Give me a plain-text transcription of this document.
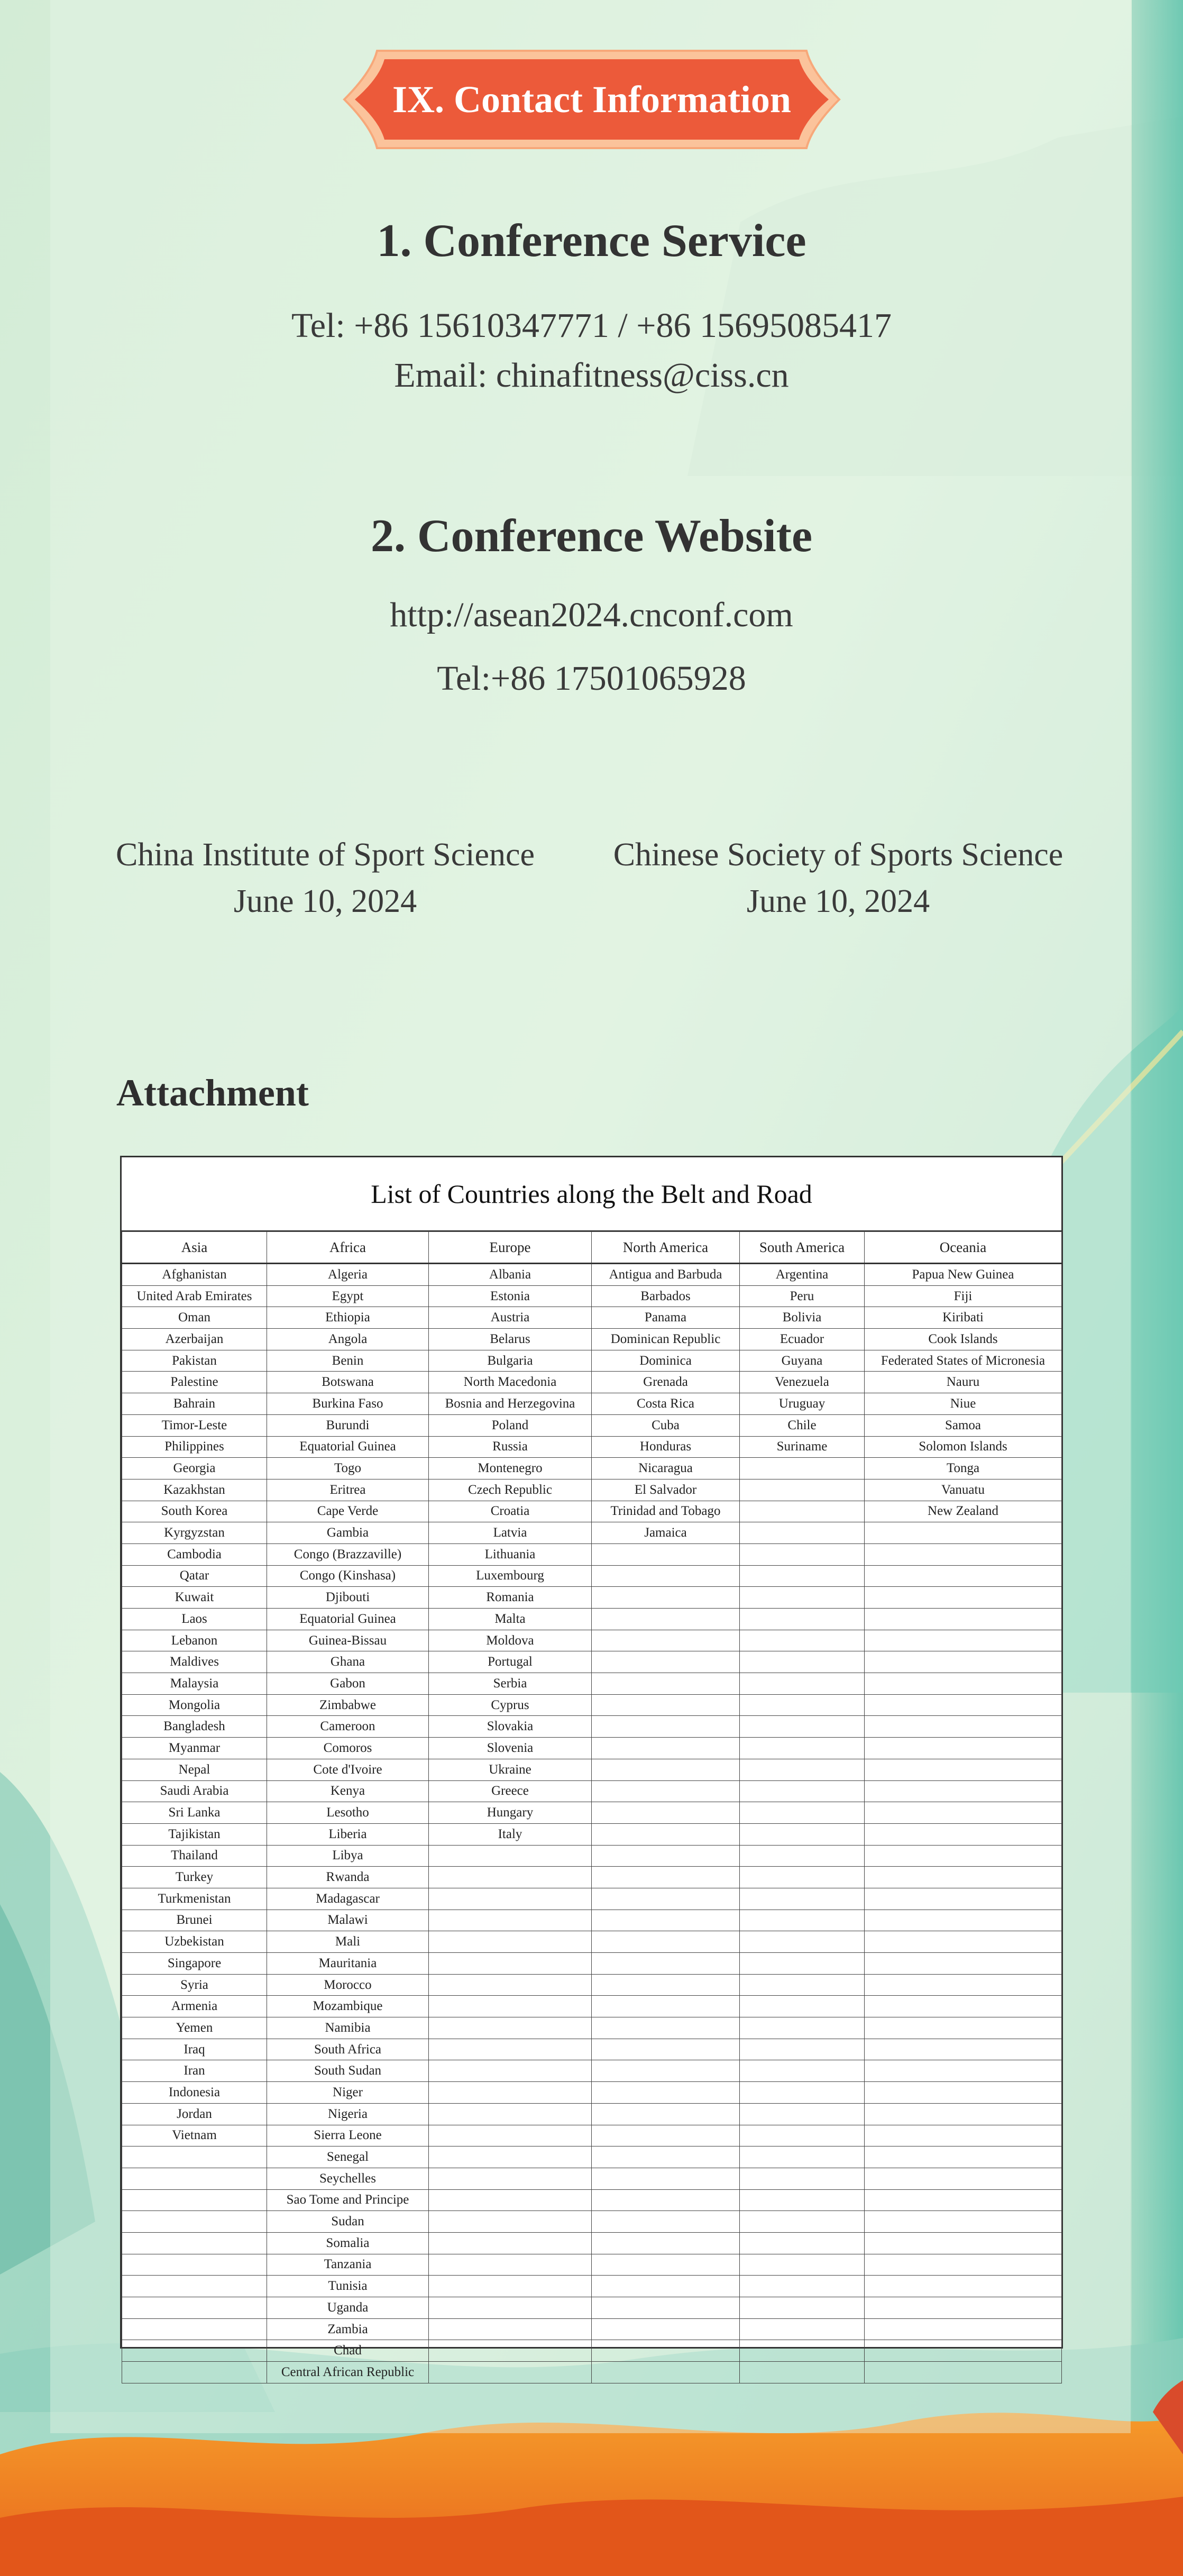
IX. Contact Information
1. Conference Service
Tel: +86 15610347771 / +86 15695085417
Email: chinafitness@ciss.cn
2. Conference Website
http://asean2024.cnconf.com
Tel:+86 17501065928
China Institute of Sport Science
June 10, 2024
Chinese Society of Sports Science
June 10, 2024
Attachment
List of Countries along the Belt and Road
Asia	Africa	Europe	North America	South America	Oceania
Afghanistan	Algeria	Albania	Antigua and Barbuda	Argentina	Papua New Guinea
United Arab Emirates	Egypt	Estonia	Barbados	Peru	Fiji
Oman	Ethiopia	Austria	Panama	Bolivia	Kiribati
Azerbaijan	Angola	Belarus	Dominican Republic	Ecuador	Cook Islands
Pakistan	Benin	Bulgaria	Dominica	Guyana	Federated States of Micronesia
Palestine	Botswana	North Macedonia	Grenada	Venezuela	Nauru
Bahrain	Burkina Faso	Bosnia and Herzegovina	Costa Rica	Uruguay	Niue
Timor-Leste	Burundi	Poland	Cuba	Chile	Samoa
Philippines	Equatorial Guinea	Russia	Honduras	Suriname	Solomon Islands
Georgia	Togo	Montenegro	Nicaragua		Tonga
Kazakhstan	Eritrea	Czech Republic	El Salvador		Vanuatu
South Korea	Cape Verde	Croatia	Trinidad and Tobago		New Zealand
Kyrgyzstan	Gambia	Latvia	Jamaica		
Cambodia	Congo (Brazzaville)	Lithuania			
Qatar	Congo (Kinshasa)	Luxembourg			
Kuwait	Djibouti	Romania			
Laos	Equatorial Guinea	Malta			
Lebanon	Guinea-Bissau	Moldova			
Maldives	Ghana	Portugal			
Malaysia	Gabon	Serbia			
Mongolia	Zimbabwe	Cyprus			
Bangladesh	Cameroon	Slovakia			
Myanmar	Comoros	Slovenia			
Nepal	Cote d'Ivoire	Ukraine			
Saudi Arabia	Kenya	Greece			
Sri Lanka	Lesotho	Hungary			
Tajikistan	Liberia	Italy			
Thailand	Libya				
Turkey	Rwanda				
Turkmenistan	Madagascar				
Brunei	Malawi				
Uzbekistan	Mali				
Singapore	Mauritania				
Syria	Morocco				
Armenia	Mozambique				
Yemen	Namibia				
Iraq	South Africa				
Iran	South Sudan				
Indonesia	Niger				
Jordan	Nigeria				
Vietnam	Sierra Leone				
	Senegal				
	Seychelles				
	Sao Tome and Principe				
	Sudan				
	Somalia				
	Tanzania				
	Tunisia				
	Uganda				
	Zambia				
	Chad				
	Central African Republic				
